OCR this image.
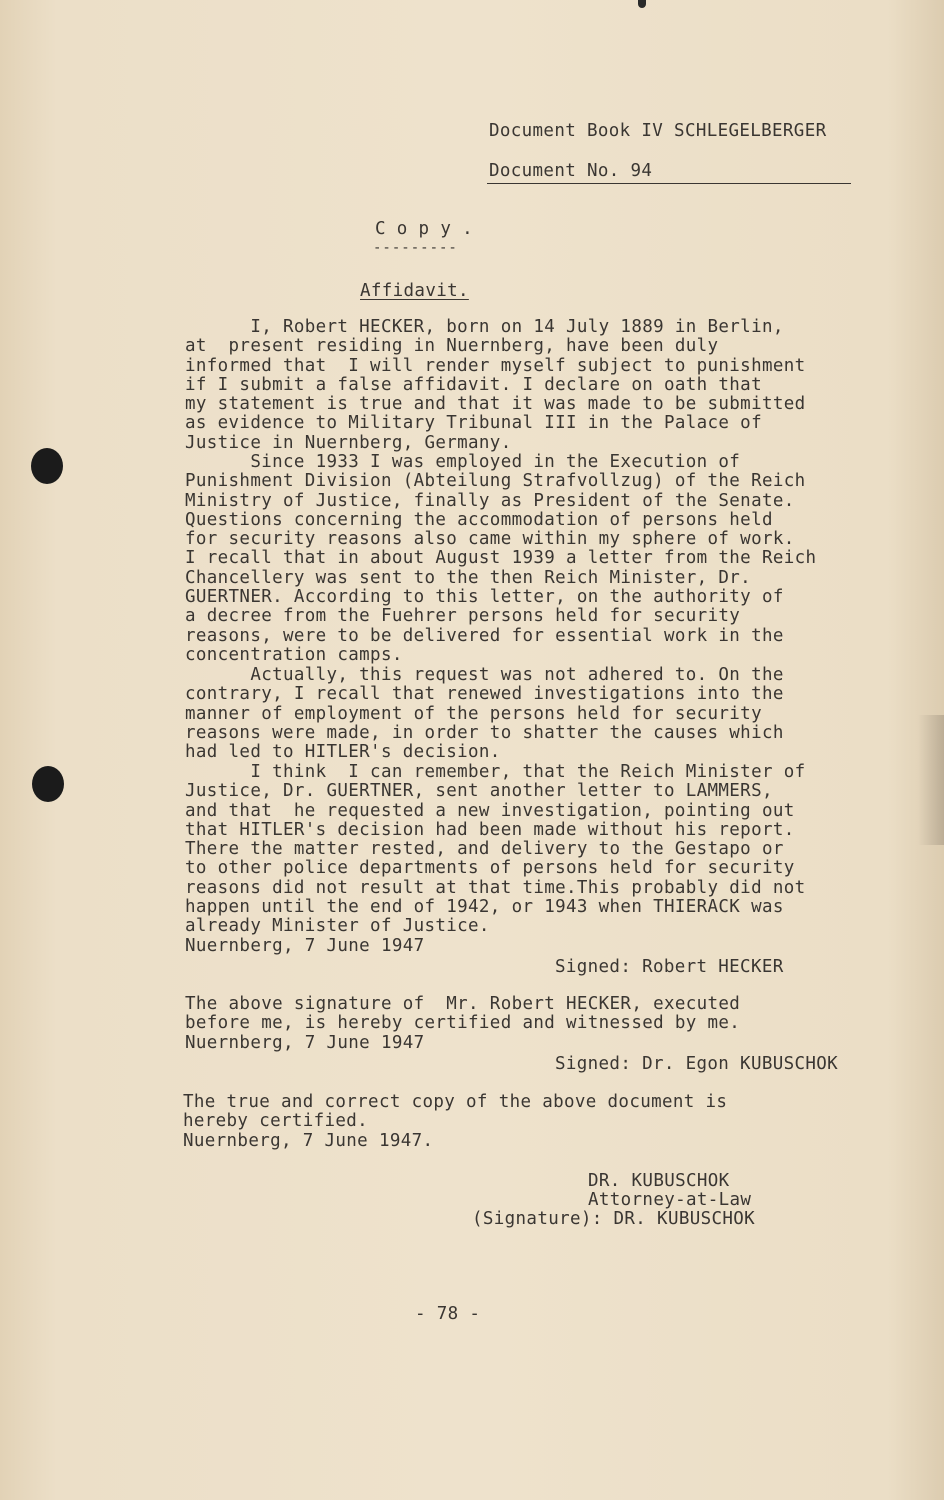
Document Book IV SCHLEGELBERGER
Document No. 94
C o p y .
---------
Affidavit.
I, Robert HECKER, born on 14 July 1889 in Berlin,
at  present residing in Nuernberg, have been duly
informed that  I will render myself subject to punishment
if I submit a false affidavit. I declare on oath that
my statement is true and that it was made to be submitted
as evidence to Military Tribunal III in the Palace of
Justice in Nuernberg, Germany.
Since 1933 I was employed in the Execution of
Punishment Division (Abteilung Strafvollzug) of the Reich
Ministry of Justice, finally as President of the Senate.
Questions concerning the accommodation of persons held
for security reasons also came within my sphere of work.
I recall that in about August 1939 a letter from the Reich
Chancellery was sent to the then Reich Minister, Dr.
GUERTNER. According to this letter, on the authority of
a decree from the Fuehrer persons held for security
reasons, were to be delivered for essential work in the
concentration camps.
Actually, this request was not adhered to. On the
contrary, I recall that renewed investigations into the
manner of employment of the persons held for security
reasons were made, in order to shatter the causes which
had led to HITLER's decision.
I think  I can remember, that the Reich Minister of
Justice, Dr. GUERTNER, sent another letter to LAMMERS,
and that  he requested a new investigation, pointing out
that HITLER's decision had been made without his report.
There the matter rested, and delivery to the Gestapo or
to other police departments of persons held for security
reasons did not result at that time.This probably did not
happen until the end of 1942, or 1943 when THIERACK was
already Minister of Justice.
Nuernberg, 7 June 1947
Signed: Robert HECKER
The above signature of  Mr. Robert HECKER, executed
before me, is hereby certified and witnessed by me.
Nuernberg, 7 June 1947
Signed: Dr. Egon KUBUSCHOK
The true and correct copy of the above document is
hereby certified.
Nuernberg, 7 June 1947.
DR. KUBUSCHOK
Attorney-at-Law
(Signature): DR. KUBUSCHOK
- 78 -
